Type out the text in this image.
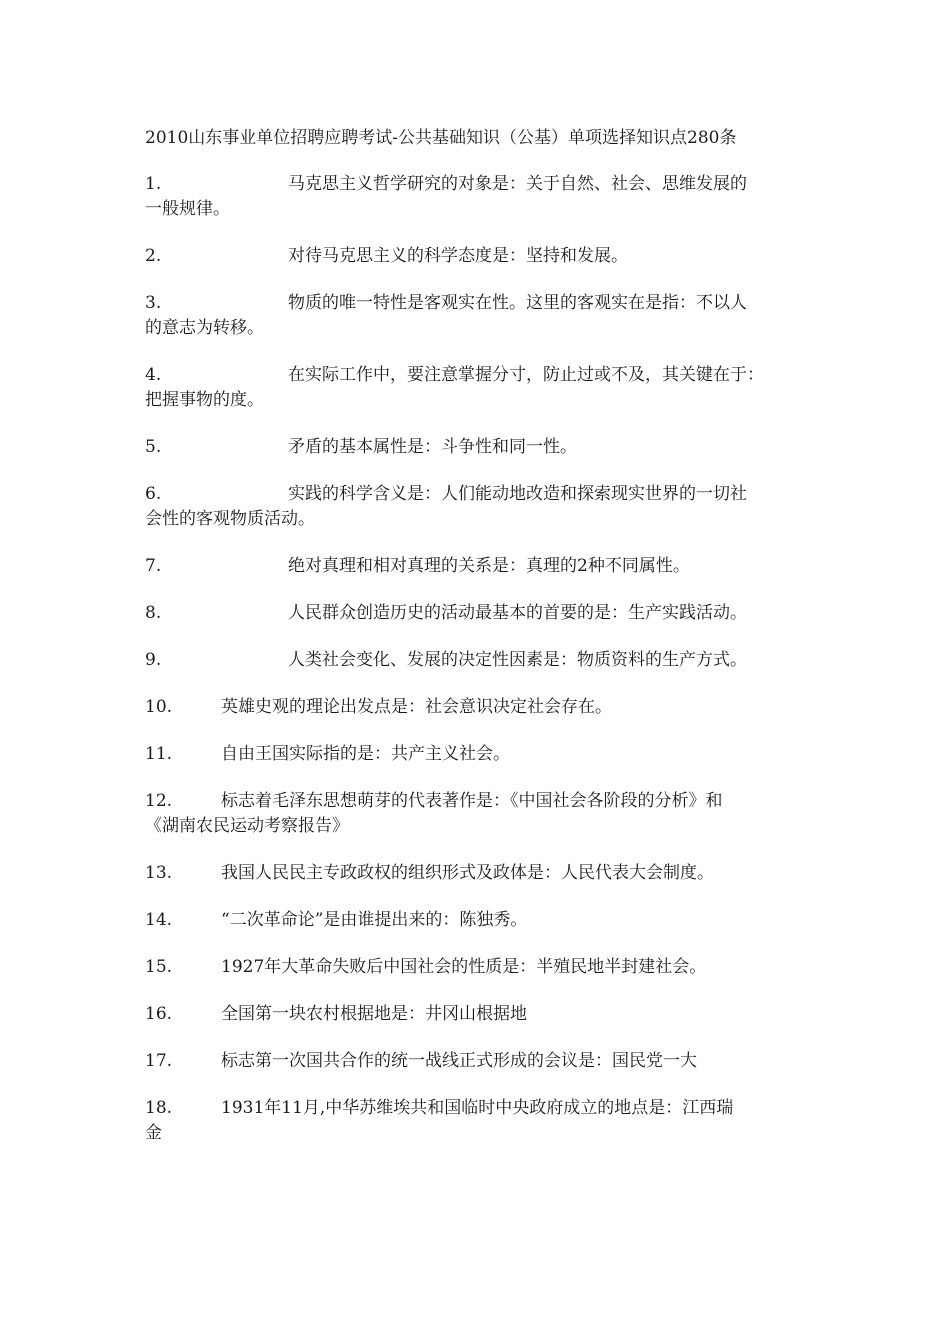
2010山东事业单位招聘应聘考试-公共基础知识（公基）单项选择知识点280条
1.	马克思主义哲学研究的对象是：关于自然、社会、思维发展的
一般规律。
2.	对待马克思主义的科学态度是：坚持和发展。
3.	物质的唯一特性是客观实在性。这里的客观实在是指：不以人
的意志为转移。
4.	在实际工作中，要注意掌握分寸，防止过或不及，其关键在于：
把握事物的度。
5.	矛盾的基本属性是：斗争性和同一性。
6.	实践的科学含义是：人们能动地改造和探索现实世界的一切社
会性的客观物质活动。
7.	绝对真理和相对真理的关系是：真理的2种不同属性。
8.	人民群众创造历史的活动最基本的首要的是：生产实践活动。
9.	人类社会变化、发展的决定性因素是：物质资料的生产方式。
10.	英雄史观的理论出发点是：社会意识决定社会存在。
11.	自由王国实际指的是：共产主义社会。
12.	标志着毛泽东思想萌芽的代表著作是：《中国社会各阶段的分析》和
《湖南农民运动考察报告》
13.	我国人民民主专政政权的组织形式及政体是：人民代表大会制度。
14.	“二次革命论”是由谁提出来的：陈独秀。
15.	1927年大革命失败后中国社会的性质是：半殖民地半封建社会。
16.	全国第一块农村根据地是：井冈山根据地
17.	标志第一次国共合作的统一战线正式形成的会议是：国民党一大
18.	1931年11月,中华苏维埃共和国临时中央政府成立的地点是：江西瑞
金
